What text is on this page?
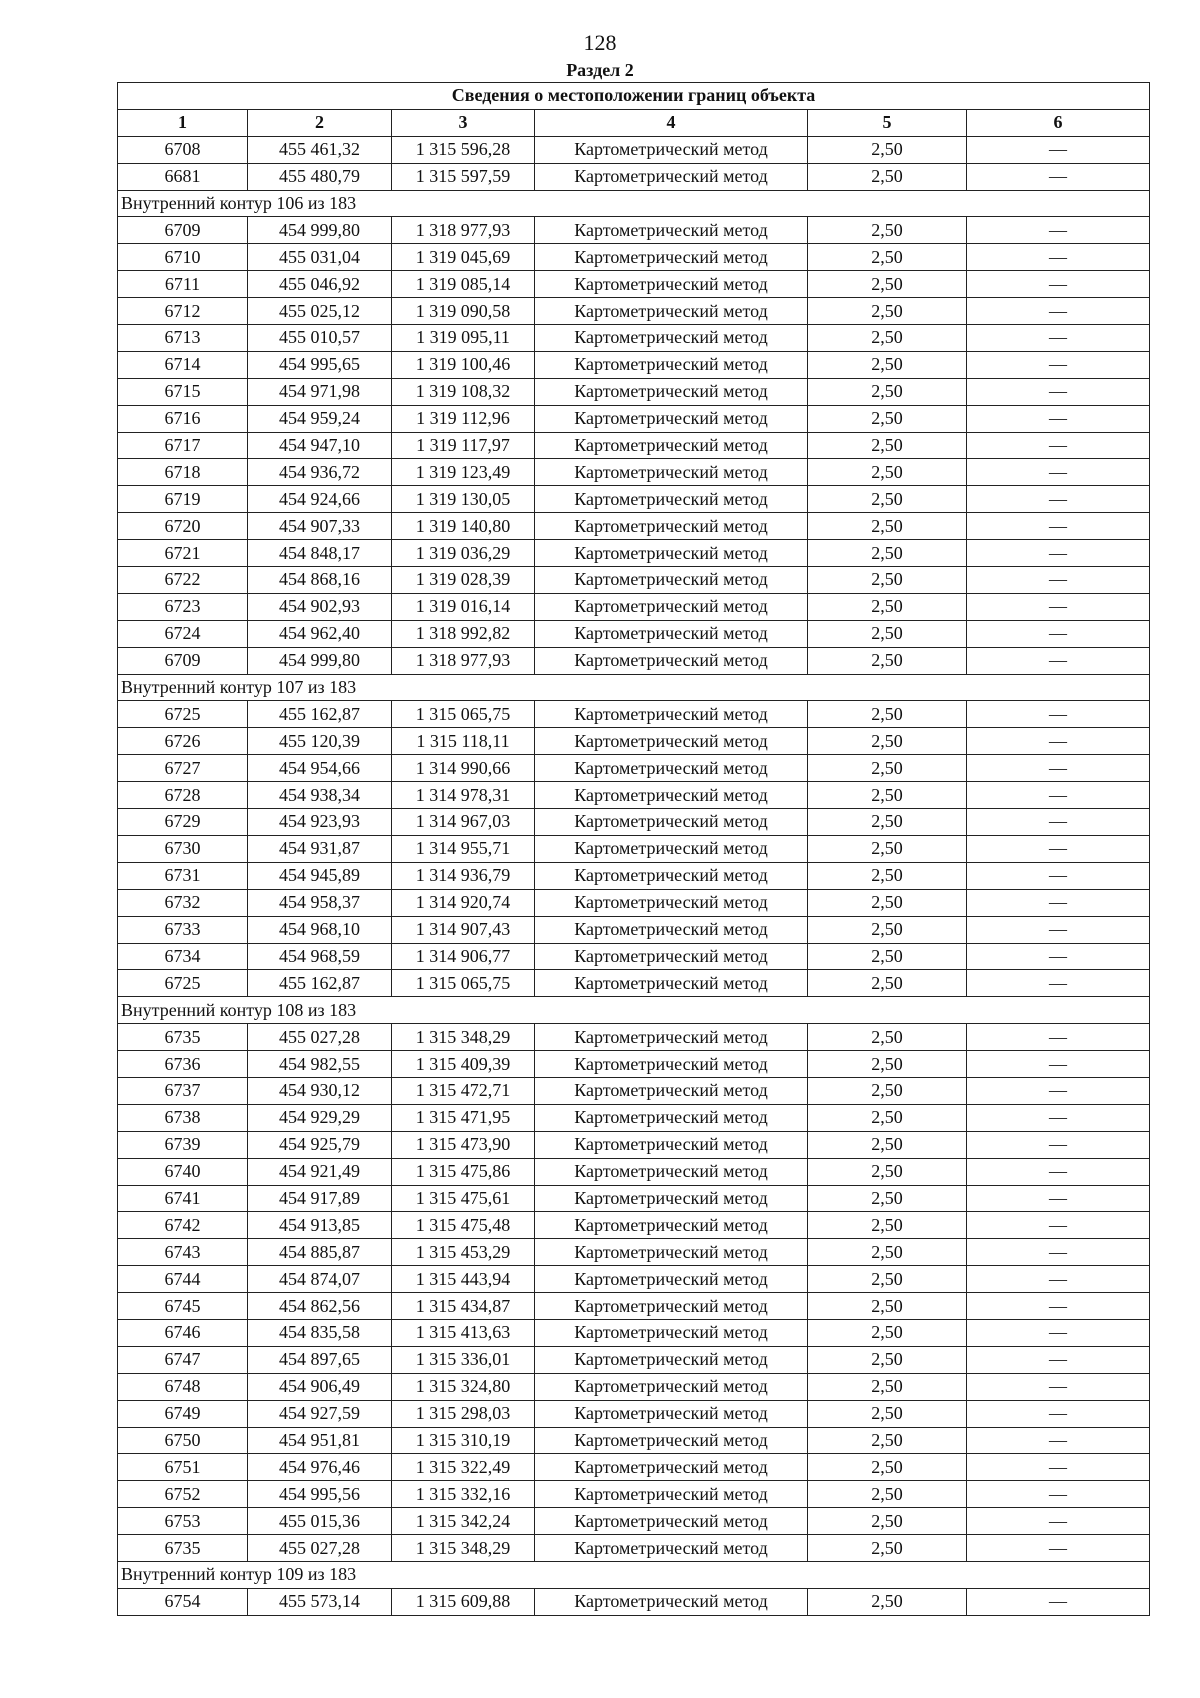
128
Раздел 2
Сведения о местоположении границ объекта					
1	2	3	4	5	6
6708	455 461,32	1 315 596,28	Картометрический метод	2,50	—
6681	455 480,79	1 315 597,59	Картометрический метод	2,50	—
Внутренний контур 106 из 183					
6709	454 999,80	1 318 977,93	Картометрический метод	2,50	—
6710	455 031,04	1 319 045,69	Картометрический метод	2,50	—
6711	455 046,92	1 319 085,14	Картометрический метод	2,50	—
6712	455 025,12	1 319 090,58	Картометрический метод	2,50	—
6713	455 010,57	1 319 095,11	Картометрический метод	2,50	—
6714	454 995,65	1 319 100,46	Картометрический метод	2,50	—
6715	454 971,98	1 319 108,32	Картометрический метод	2,50	—
6716	454 959,24	1 319 112,96	Картометрический метод	2,50	—
6717	454 947,10	1 319 117,97	Картометрический метод	2,50	—
6718	454 936,72	1 319 123,49	Картометрический метод	2,50	—
6719	454 924,66	1 319 130,05	Картометрический метод	2,50	—
6720	454 907,33	1 319 140,80	Картометрический метод	2,50	—
6721	454 848,17	1 319 036,29	Картометрический метод	2,50	—
6722	454 868,16	1 319 028,39	Картометрический метод	2,50	—
6723	454 902,93	1 319 016,14	Картометрический метод	2,50	—
6724	454 962,40	1 318 992,82	Картометрический метод	2,50	—
6709	454 999,80	1 318 977,93	Картометрический метод	2,50	—
Внутренний контур 107 из 183					
6725	455 162,87	1 315 065,75	Картометрический метод	2,50	—
6726	455 120,39	1 315 118,11	Картометрический метод	2,50	—
6727	454 954,66	1 314 990,66	Картометрический метод	2,50	—
6728	454 938,34	1 314 978,31	Картометрический метод	2,50	—
6729	454 923,93	1 314 967,03	Картометрический метод	2,50	—
6730	454 931,87	1 314 955,71	Картометрический метод	2,50	—
6731	454 945,89	1 314 936,79	Картометрический метод	2,50	—
6732	454 958,37	1 314 920,74	Картометрический метод	2,50	—
6733	454 968,10	1 314 907,43	Картометрический метод	2,50	—
6734	454 968,59	1 314 906,77	Картометрический метод	2,50	—
6725	455 162,87	1 315 065,75	Картометрический метод	2,50	—
Внутренний контур 108 из 183					
6735	455 027,28	1 315 348,29	Картометрический метод	2,50	—
6736	454 982,55	1 315 409,39	Картометрический метод	2,50	—
6737	454 930,12	1 315 472,71	Картометрический метод	2,50	—
6738	454 929,29	1 315 471,95	Картометрический метод	2,50	—
6739	454 925,79	1 315 473,90	Картометрический метод	2,50	—
6740	454 921,49	1 315 475,86	Картометрический метод	2,50	—
6741	454 917,89	1 315 475,61	Картометрический метод	2,50	—
6742	454 913,85	1 315 475,48	Картометрический метод	2,50	—
6743	454 885,87	1 315 453,29	Картометрический метод	2,50	—
6744	454 874,07	1 315 443,94	Картометрический метод	2,50	—
6745	454 862,56	1 315 434,87	Картометрический метод	2,50	—
6746	454 835,58	1 315 413,63	Картометрический метод	2,50	—
6747	454 897,65	1 315 336,01	Картометрический метод	2,50	—
6748	454 906,49	1 315 324,80	Картометрический метод	2,50	—
6749	454 927,59	1 315 298,03	Картометрический метод	2,50	—
6750	454 951,81	1 315 310,19	Картометрический метод	2,50	—
6751	454 976,46	1 315 322,49	Картометрический метод	2,50	—
6752	454 995,56	1 315 332,16	Картометрический метод	2,50	—
6753	455 015,36	1 315 342,24	Картометрический метод	2,50	—
6735	455 027,28	1 315 348,29	Картометрический метод	2,50	—
Внутренний контур 109 из 183					
6754	455 573,14	1 315 609,88	Картометрический метод	2,50	—
